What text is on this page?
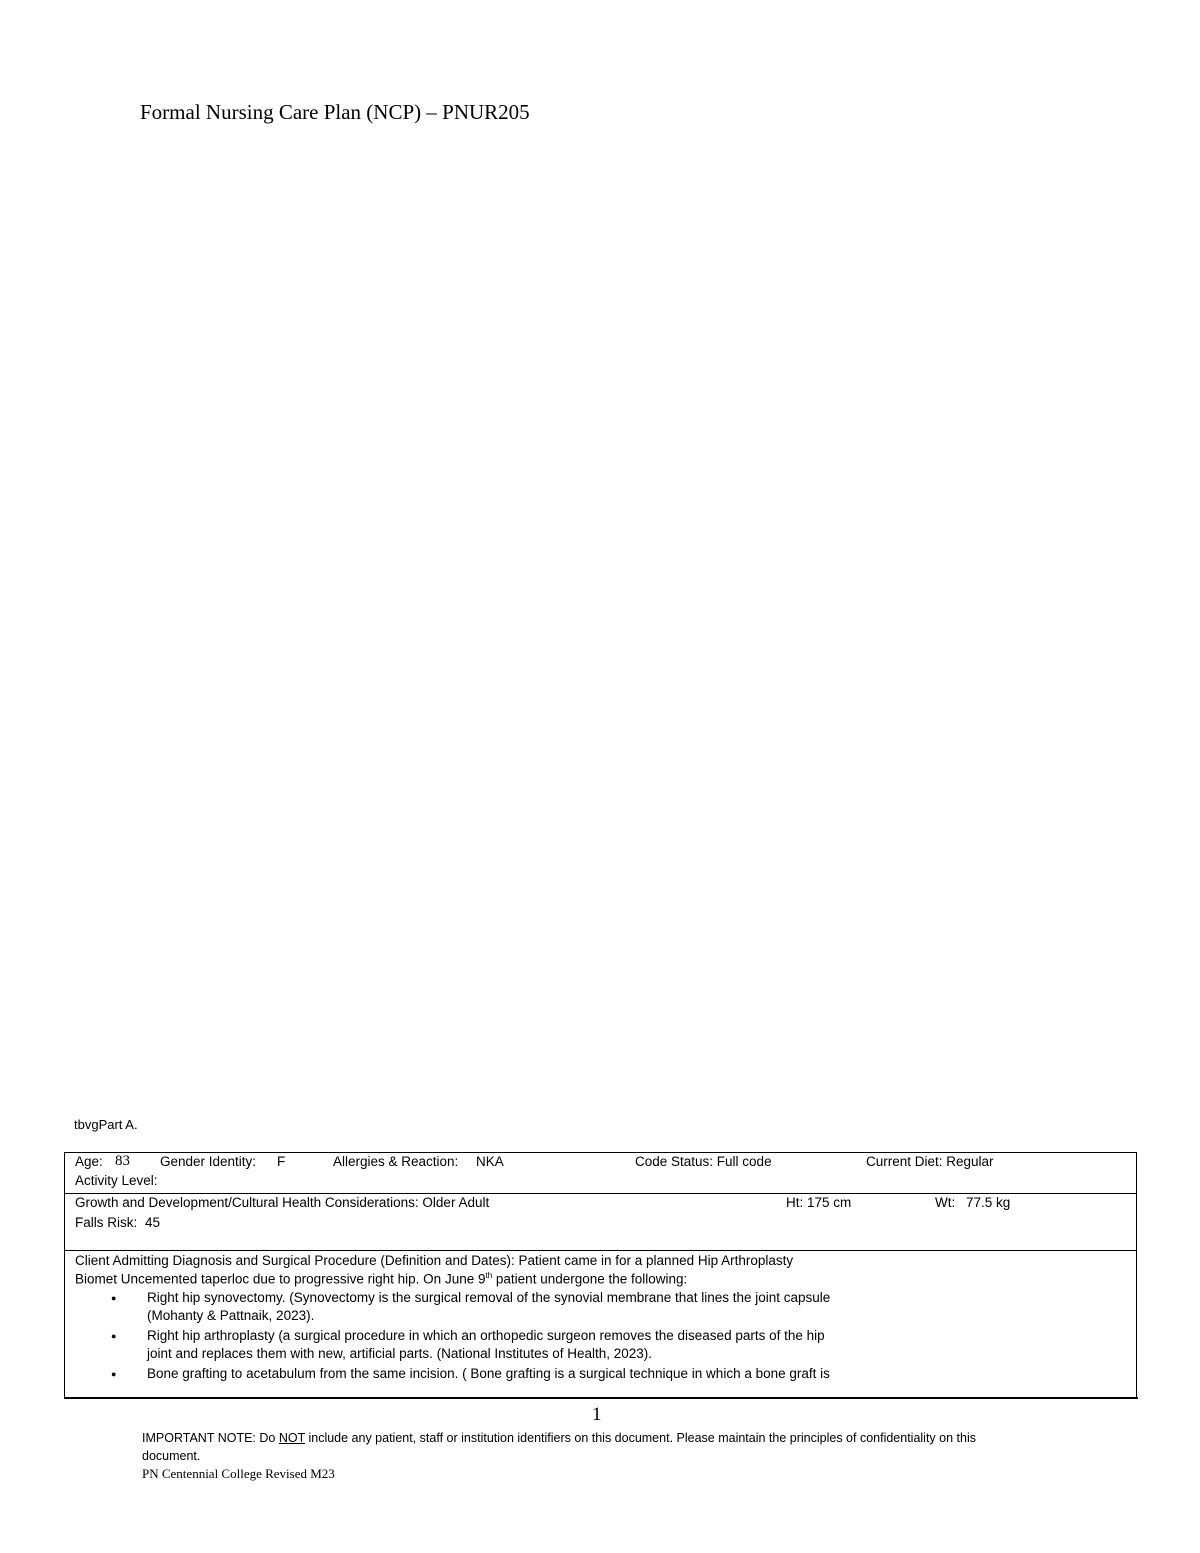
Formal Nursing Care Plan (NCP) – PNUR205
tbvgPart A.
Age: 83 Gender Identity: F	Allergies & Reaction: NKA	Code Status: Full code	Current Diet: Regular
Activity Level:
Growth and Development/Cultural Health Considerations: Older Adult	Ht: 175 cm	Wt: 77.5 kg
Falls Risk: 45
Client Admitting Diagnosis and Surgical Procedure (Definition and Dates): Patient came in for a planned Hip Arthroplasty
Biomet Uncemented taperloc due to progressive right hip. On June 9th patient undergone the following:
● Right hip synovectomy. (Synovectomy is the surgical removal of the synovial membrane that lines the joint capsule
(Mohanty & Pattnaik, 2023).
● Right hip arthroplasty (a surgical procedure in which an orthopedic surgeon removes the diseased parts of the hip
joint and replaces them with new, artificial parts. (National Institutes of Health, 2023).
● Bone grafting to acetabulum from the same incision. ( Bone grafting is a surgical technique in which a bone graft is
1
IMPORTANT NOTE: Do NOT include any patient, staff or institution identifiers on this document. Please maintain the principles of confidentiality on this document.
PN Centennial College Revised M23
